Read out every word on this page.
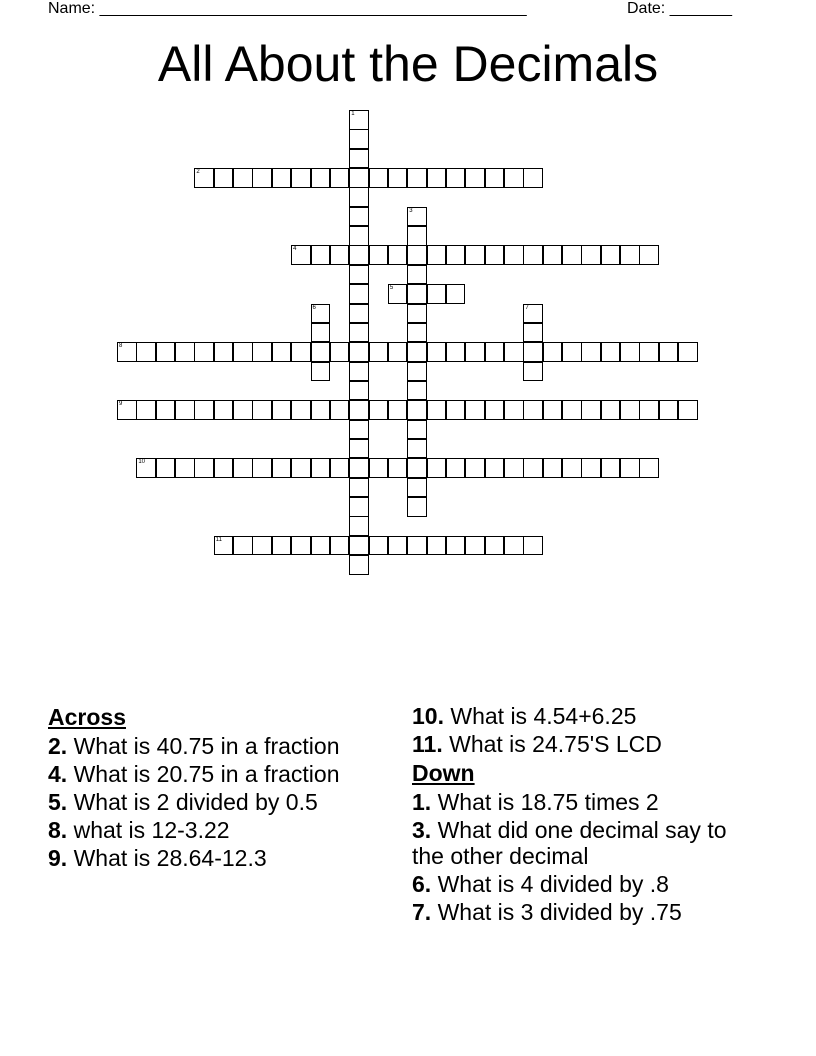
Name: ________________________________________________	Date: _______
All About the Decimals
1
2
3
4
5
6	7
8
9
10
11
Across
2. What is 40.75 in a fraction
4. What is 20.75 in a fraction
5. What is 2 divided by 0.5
8. what is 12-3.22
9. What is 28.64-12.3
10. What is 4.54+6.25
11. What is 24.75'S LCD
Down
1. What is 18.75 times 2
3. What did one decimal say to the other decimal
6. What is 4 divided by .8
7. What is 3 divided by .75
